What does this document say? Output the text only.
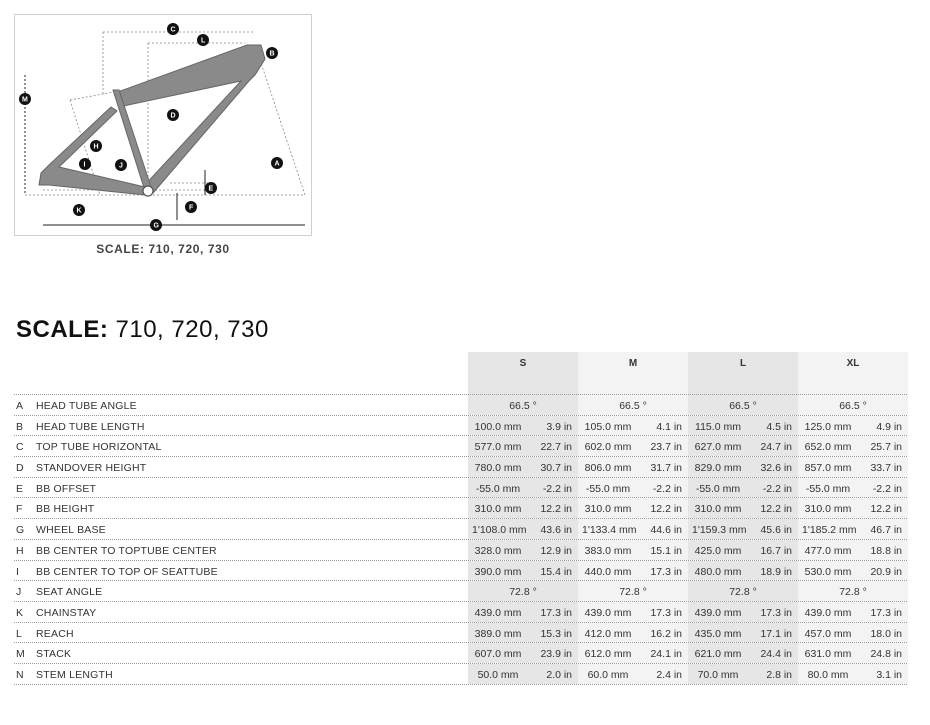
C
L
B
M
D
H
I	J	A
E
K	F
G
SCALE: 710, 720, 730
SCALE: 710, 720, 730
S	M	L	XL
A	HEAD TUBE ANGLE	66.5 °	66.5 °	66.5 °	66.5 °
B	HEAD TUBE LENGTH	100.0 mm	3.9 in 105.0 mm	4.1 in 115.0 mm	4.5 in 125.0 mm	4.9 in
C	TOP TUBE HORIZONTAL	577.0 mm	22.7 in 602.0 mm	23.7 in 627.0 mm	24.7 in 652.0 mm	25.7 in
D	STANDOVER HEIGHT	780.0 mm	30.7 in 806.0 mm	31.7 in 829.0 mm	32.6 in 857.0 mm	33.7 in
E	BB OFFSET	-55.0 mm	-2.2 in	-55.0 mm	-2.2 in	-55.0 mm	-2.2 in	-55.0 mm	-2.2 in
F	BB HEIGHT	310.0 mm	12.2 in 310.0 mm	12.2 in 310.0 mm	12.2 in 310.0 mm	12.2 in
G	WHEEL BASE	1'108.0 mm	43.6 in 1'133.4 mm	44.6 in 1'159.3 mm	45.6 in 1'185.2 mm	46.7 in
H	BB CENTER TO TOPTUBE CENTER	328.0 mm	12.9 in 383.0 mm	15.1 in 425.0 mm	16.7 in 477.0 mm	18.8 in
I	BB CENTER TO TOP OF SEATTUBE	390.0 mm	15.4 in 440.0 mm	17.3 in 480.0 mm	18.9 in 530.0 mm	20.9 in
J	SEAT ANGLE	72.8 °	72.8 °	72.8 °	72.8 °
K	CHAINSTAY	439.0 mm	17.3 in 439.0 mm	17.3 in 439.0 mm	17.3 in 439.0 mm	17.3 in
L	REACH	389.0 mm	15.3 in 412.0 mm	16.2 in 435.0 mm	17.1 in 457.0 mm	18.0 in
M	STACK	607.0 mm	23.9 in 612.0 mm	24.1 in 621.0 mm	24.4 in 631.0 mm	24.8 in
N	STEM LENGTH	50.0 mm	2.0 in	60.0 mm	2.4 in	70.0 mm	2.8 in	80.0 mm	3.1 in
